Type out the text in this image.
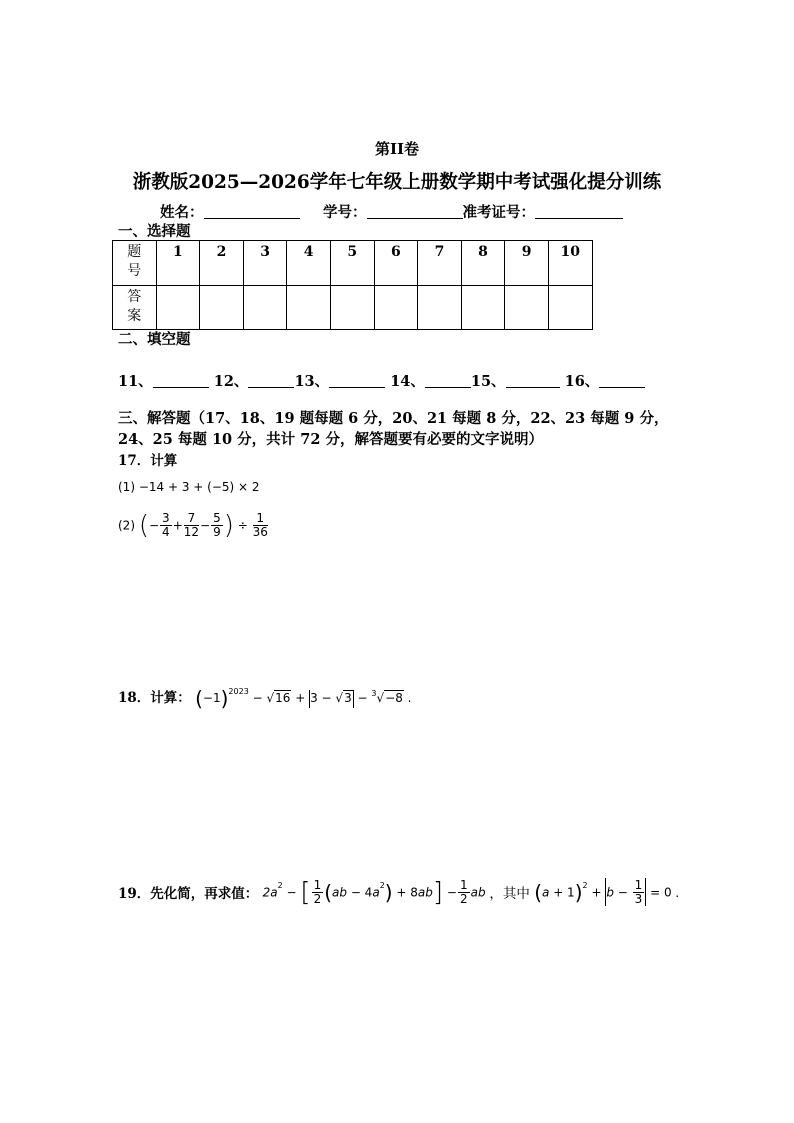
第II卷
浙教版2025—2026学年七年级上册数学期中考试强化提分训练
姓名：	学号：	准考证号：
一、选择题
题
号	1	2	3	4	5	6	7	8	9	10
答
案										
二、填空题
11、	12、	13、	14、	15、	16、
三、解答题（17、18、19 题每题 6 分，20、21 每题 8 分，22、23 每题 9 分，
24、25 每题 10 分，共计 72 分，解答题要有必要的文字说明）
17．计算
(1) −14 + 3 + (−5) × 2
(2) (− $\frac{3}{4} + \frac{7}{12} - \frac{5}{9}$ ) ÷ $\frac{1}{36}$
18．计算： $(-1)^{2023} - √16 + 3 - √3 - ^3√-8$ .
19．先化简，再求值： $2a^2$ − [ $\frac{1}{2} (ab - 4a^2) + 8ab] - \frac{1}{2}$ ab ，其中 $(a + 1)^2 + b - \frac{1}{3} = 0$ ．
